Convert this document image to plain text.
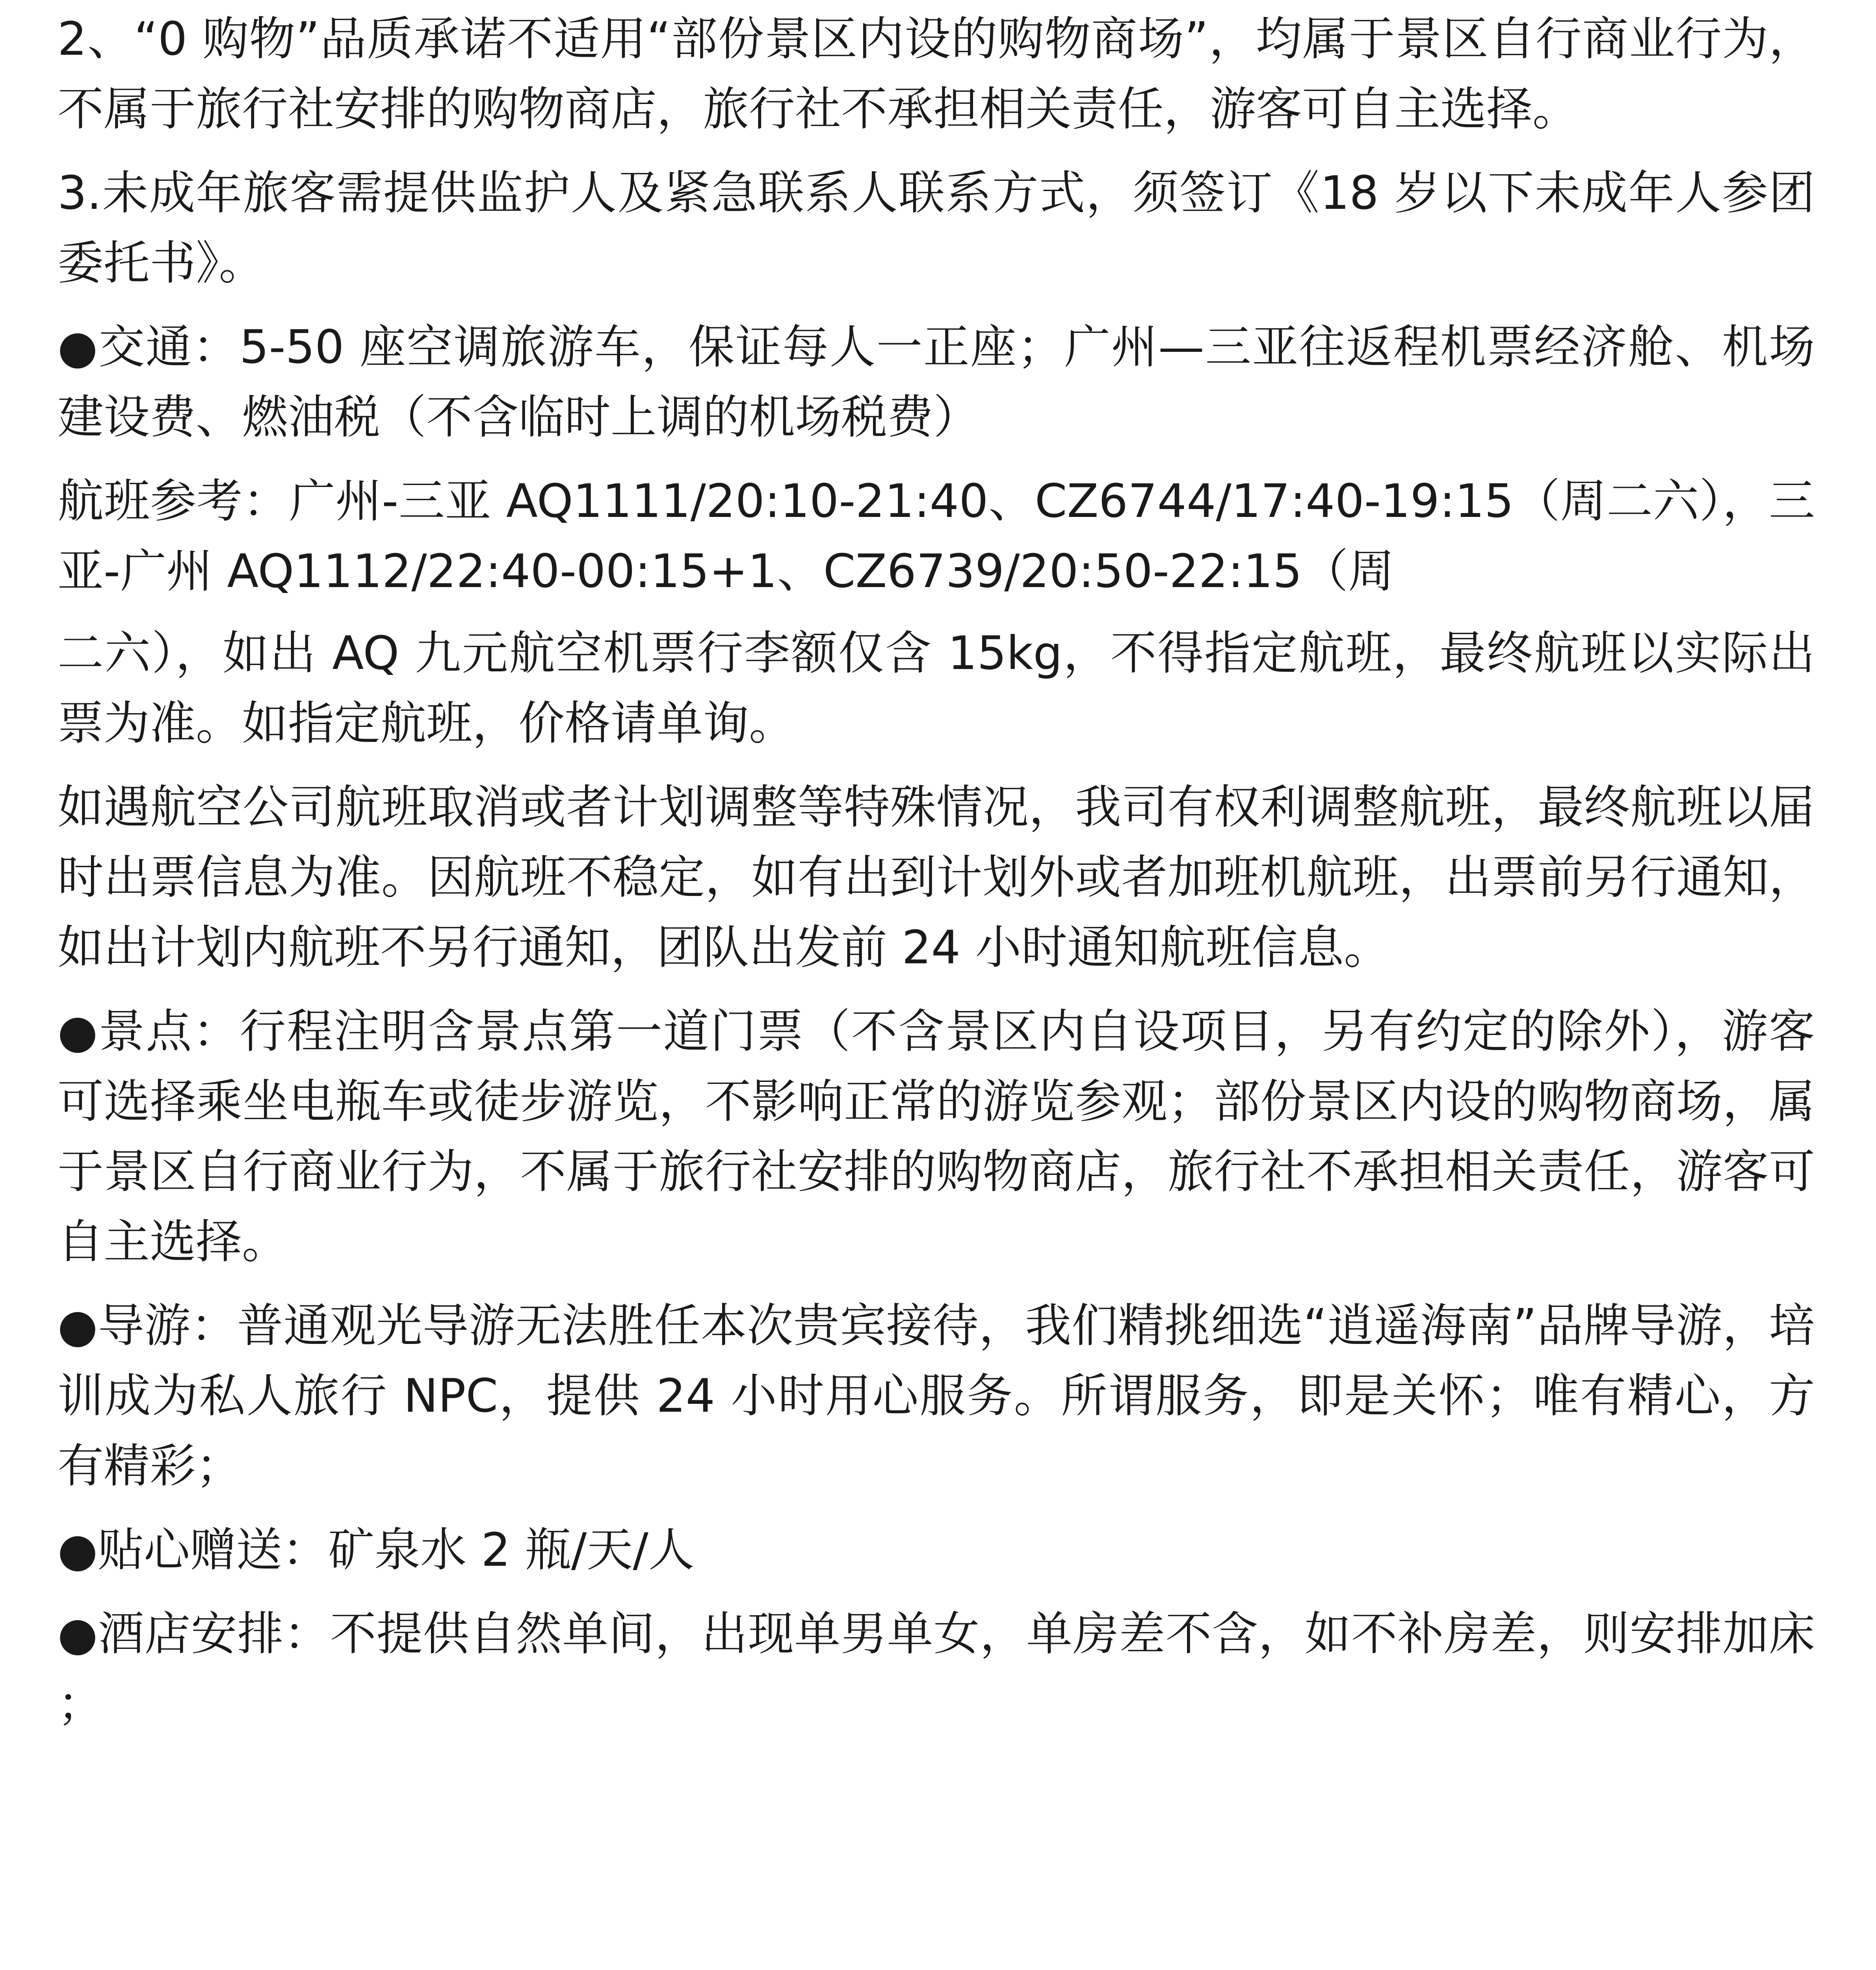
2、“0 购物”品质承诺不适用“部份景区内设的购物商场”，均属于景区自行商业行为，不属于旅行社安排的购物商店，旅行社不承担相关责任，游客可自主选择。

3.未成年旅客需提供监护人及紧急联系人联系方式，须签订《18 岁以下未成年人参团委托书》。

●交通：5-50 座空调旅游车，保证每人一正座；广州—三亚往返程机票经济舱、机场建设费、燃油税（不含临时上调的机场税费）

航班参考：广州-三亚 AQ1111/20:10-21:40、CZ6744/17:40-19:15（周二六），三亚-广州 AQ1112/22:40-00:15+1、CZ6739/20:50-22:15（周

二六），如出 AQ 九元航空机票行李额仅含 15kg，不得指定航班，最终航班以实际出票为准。如指定航班，价格请单询。

如遇航空公司航班取消或者计划调整等特殊情况，我司有权利调整航班，最终航班以届时出票信息为准。因航班不稳定，如有出到计划外或者加班机航班，出票前另行通知，如出计划内航班不另行通知，团队出发前 24 小时通知航班信息。

●景点：行程注明含景点第一道门票（不含景区内自设项目，另有约定的除外），游客可选择乘坐电瓶车或徒步游览，不影响正常的游览参观；部份景区内设的购物商场，属于景区自行商业行为，不属于旅行社安排的购物商店，旅行社不承担相关责任，游客可自主选择。

●导游：普通观光导游无法胜任本次贵宾接待，我们精挑细选“逍遥海南”品牌导游，培训成为私人旅行 NPC，提供 24 小时用心服务。所谓服务，即是关怀；唯有精心，方有精彩；

●贴心赠送：矿泉水 2 瓶/天/人

●酒店安排：不提供自然单间，出现单男单女，单房差不含，如不补房差，则安排加床；
